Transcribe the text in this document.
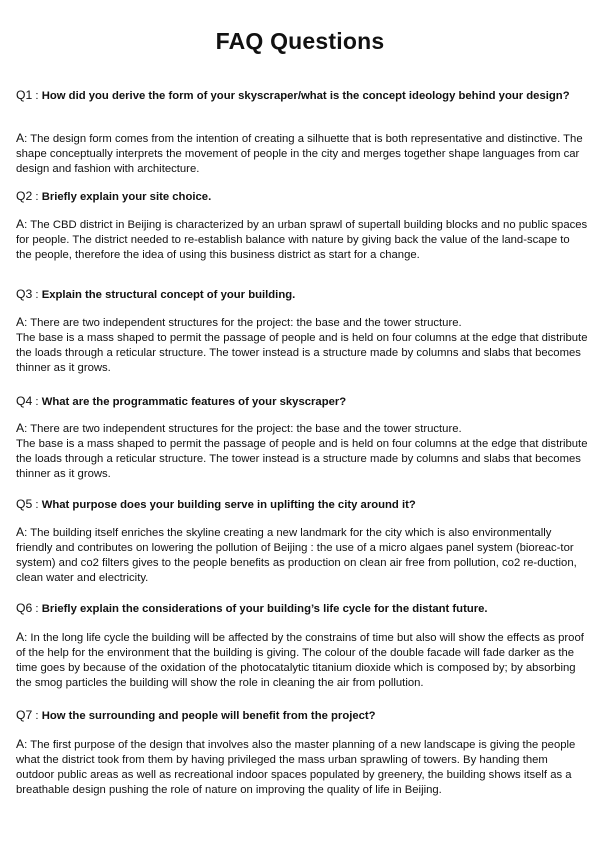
FAQ Questions

Q1 : How did you derive the form of your skyscraper/what is the concept ideology behind your design?

A: The design form comes from the intention of creating a silhuette that is both representative and distinctive. The shape conceptually interprets the movement of people in the city and merges together shape languages from car design and fashion with architecture.

Q2 : Briefly explain your site choice.

A: The CBD district in Beijing is characterized by an urban sprawl of supertall building blocks and no public spaces for people. The district needed to re-establish balance with nature by giving back the value of the land-scape to the people, therefore the idea of using this business district as start for a change.

Q3 : Explain the structural concept of your building.

A: There are two independent structures for the project: the base and the tower structure.
The base is a mass shaped to permit the passage of people and is held on four columns at the edge that distribute the loads through a reticular structure. The tower instead is a structure made by columns and slabs that becomes thinner as it grows.

Q4 : What are the programmatic features of your skyscraper?

A: There are two independent structures for the project: the base and the tower structure.
The base is a mass shaped to permit the passage of people and is held on four columns at the edge that distribute the loads through a reticular structure. The tower instead is a structure made by columns and slabs that becomes thinner as it grows.

Q5 : What purpose does your building serve in uplifting the city around it?

A: The building itself enriches the skyline creating a new landmark for the city which is also environmentally friendly and contributes on lowering the pollution of Beijing : the use of a micro algaes panel system (bioreac-tor system) and co2 filters gives to the people benefits as production on clean air free from pollution, co2 re-duction, clean water and electricity.

Q6 : Briefly explain the considerations of your building’s life cycle for the distant future.

A: In the long life cycle the building will be affected by the constrains of time but also will show the effects as proof of the help for the environment that the building is giving. The colour of the double facade will fade darker as the time goes by because of the oxidation of the photocatalytic titanium dioxide which is composed by; by absorbing the smog particles the building will show the role in cleaning the air from pollution.

Q7 : How the surrounding and people will benefit from the project?

A: The first purpose of the design that involves also the master planning of a new landscape is giving the people what the district took from them by having privileged the mass urban sprawling of towers. By handing them outdoor public areas as well as recreational indoor spaces populated by greenery, the building shows itself as a breathable design pushing the role of nature on improving the quality of life in Beijing.
